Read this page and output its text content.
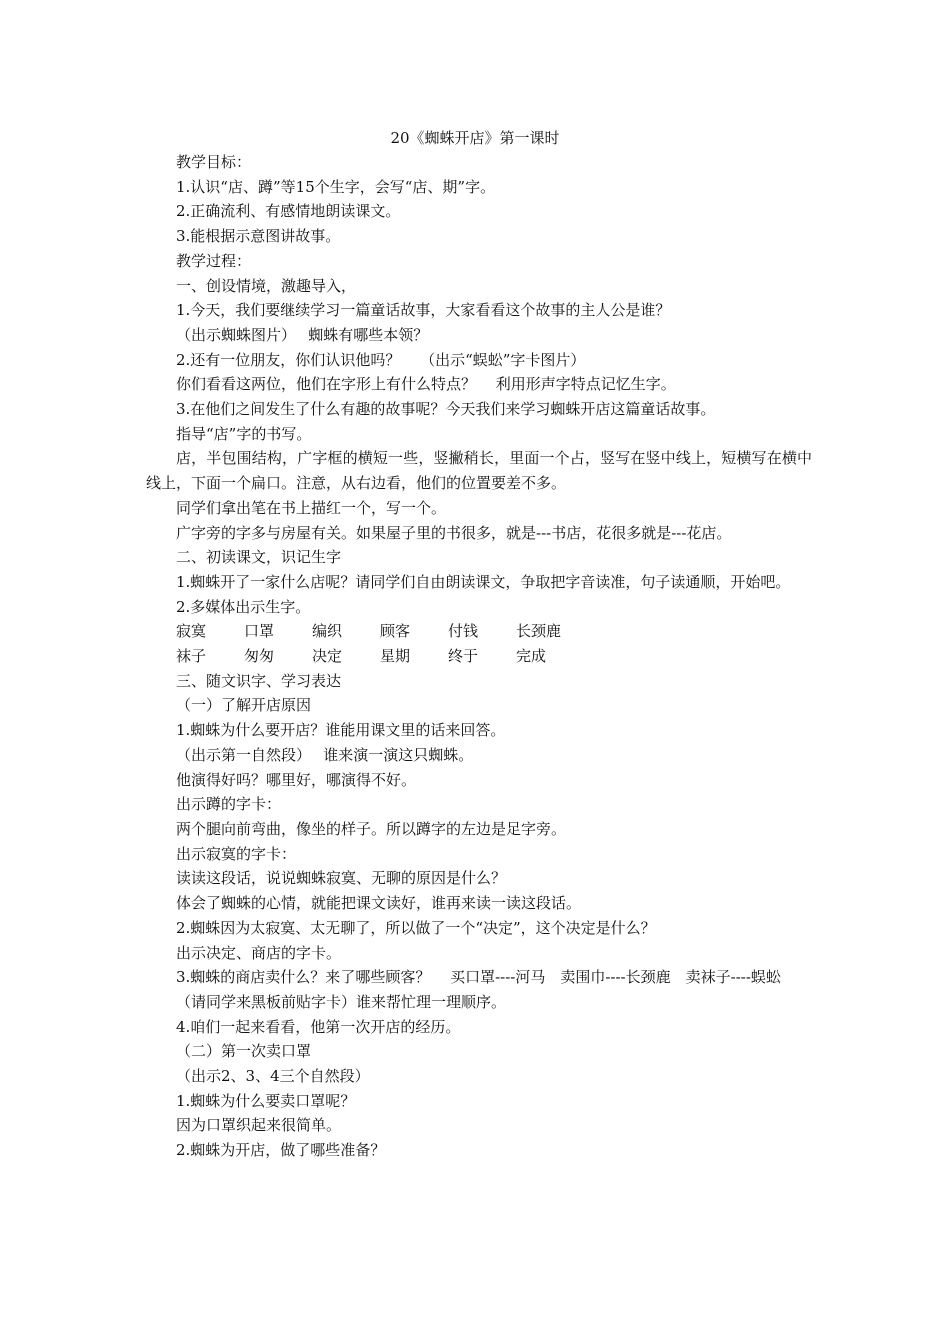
20《蜘蛛开店》第一课时

教学目标：

1.认识“店、蹲”等15个生字，会写“店、期”字。

2.正确流利、有感情地朗读课文。

3.能根据示意图讲故事。

教学过程：

一、创设情境，激趣导入，

1.今天，我们要继续学习一篇童话故事，大家看看这个故事的主人公是谁？

（出示蜘蛛图片）　 蜘蛛有哪些本领？

2.还有一位朋友，你们认识他吗？　 （出示“蜈蚣”字卡图片）

你们看看这两位，他们在字形上有什么特点？　 利用形声字特点记忆生字。

3.在他们之间发生了什么有趣的故事呢？今天我们来学习蜘蛛开店这篇童话故事。

指导“店”字的书写。

店，半包围结构，广字框的横短一些，竖撇稍长，里面一个占，竖写在竖中线上，短横写在横中线上，下面一个扁口。注意，从右边看，他们的位置要差不多。

同学们拿出笔在书上描红一个，写一个。

广字旁的字多与房屋有关。如果屋子里的书很多，就是---书店，花很多就是---花店。

二、初读课文，识记生字

1.蜘蛛开了一家什么店呢？请同学们自由朗读课文，争取把字音读准，句子读通顺，开始吧。

2.多媒体出示生字。

寂寞	口罩	编织	顾客	付钱	长颈鹿
袜子	匆匆	决定	星期	终于	完成

三、随文识字、学习表达

（一）了解开店原因

1.蜘蛛为什么要开店？谁能用课文里的话来回答。

（出示第一自然段）　 谁来演一演这只蜘蛛。

他演得好吗？哪里好，哪演得不好。

出示蹲的字卡：

两个腿向前弯曲，像坐的样子。所以蹲字的左边是足字旁。

出示寂寞的字卡：

读读这段话，说说蜘蛛寂寞、无聊的原因是什么？

体会了蜘蛛的心情，就能把课文读好，谁再来读一读这段话。

2.蜘蛛因为太寂寞、太无聊了，所以做了一个“决定”，这个决定是什么？

出示决定、商店的字卡。

3.蜘蛛的商店卖什么？来了哪些顾客？　 买口罩----河马　卖围巾----长颈鹿　卖袜子----蜈蚣

（请同学来黑板前贴字卡）谁来帮忙理一理顺序。

4.咱们一起来看看，他第一次开店的经历。

（二）第一次卖口罩

（出示2、3、4三个自然段）

1.蜘蛛为什么要卖口罩呢？

因为口罩织起来很简单。

2.蜘蛛为开店，做了哪些准备？
